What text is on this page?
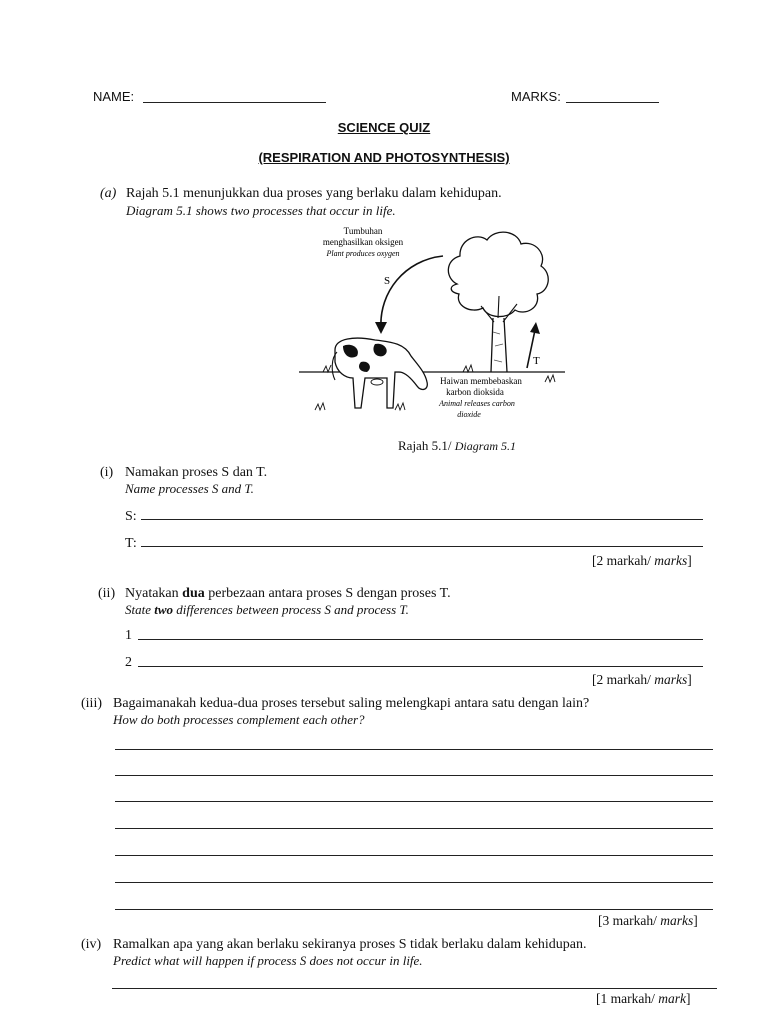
NAME:	MARKS:
SCIENCE QUIZ
(RESPIRATION AND PHOTOSYNTHESIS)
(a) Rajah 5.1 menunjukkan dua proses yang berlaku dalam kehidupan.
Diagram 5.1 shows two processes that occur in life.
Tumbuhan
menghasilkan oksigen
Plant produces oxygen
S
T
Haiwan membebaskan
karbon dioksida
Animal releases carbon
dioxide
Rajah 5.1/ Diagram 5.1
(i) Namakan proses S dan T.
Name processes S and T.
S:
T:
[2 markah/ marks]
(ii) Nyatakan dua perbezaan antara proses S dengan proses T.
State two differences between process S and process T.
1
2
[2 markah/ marks]
(iii) Bagaimanakah kedua-dua proses tersebut saling melengkapi antara satu dengan lain?
How do both processes complement each other?
[3 markah/ marks]
(iv) Ramalkan apa yang akan berlaku sekiranya proses S tidak berlaku dalam kehidupan.
Predict what will happen if process S does not occur in life.
[1 markah/ mark]
